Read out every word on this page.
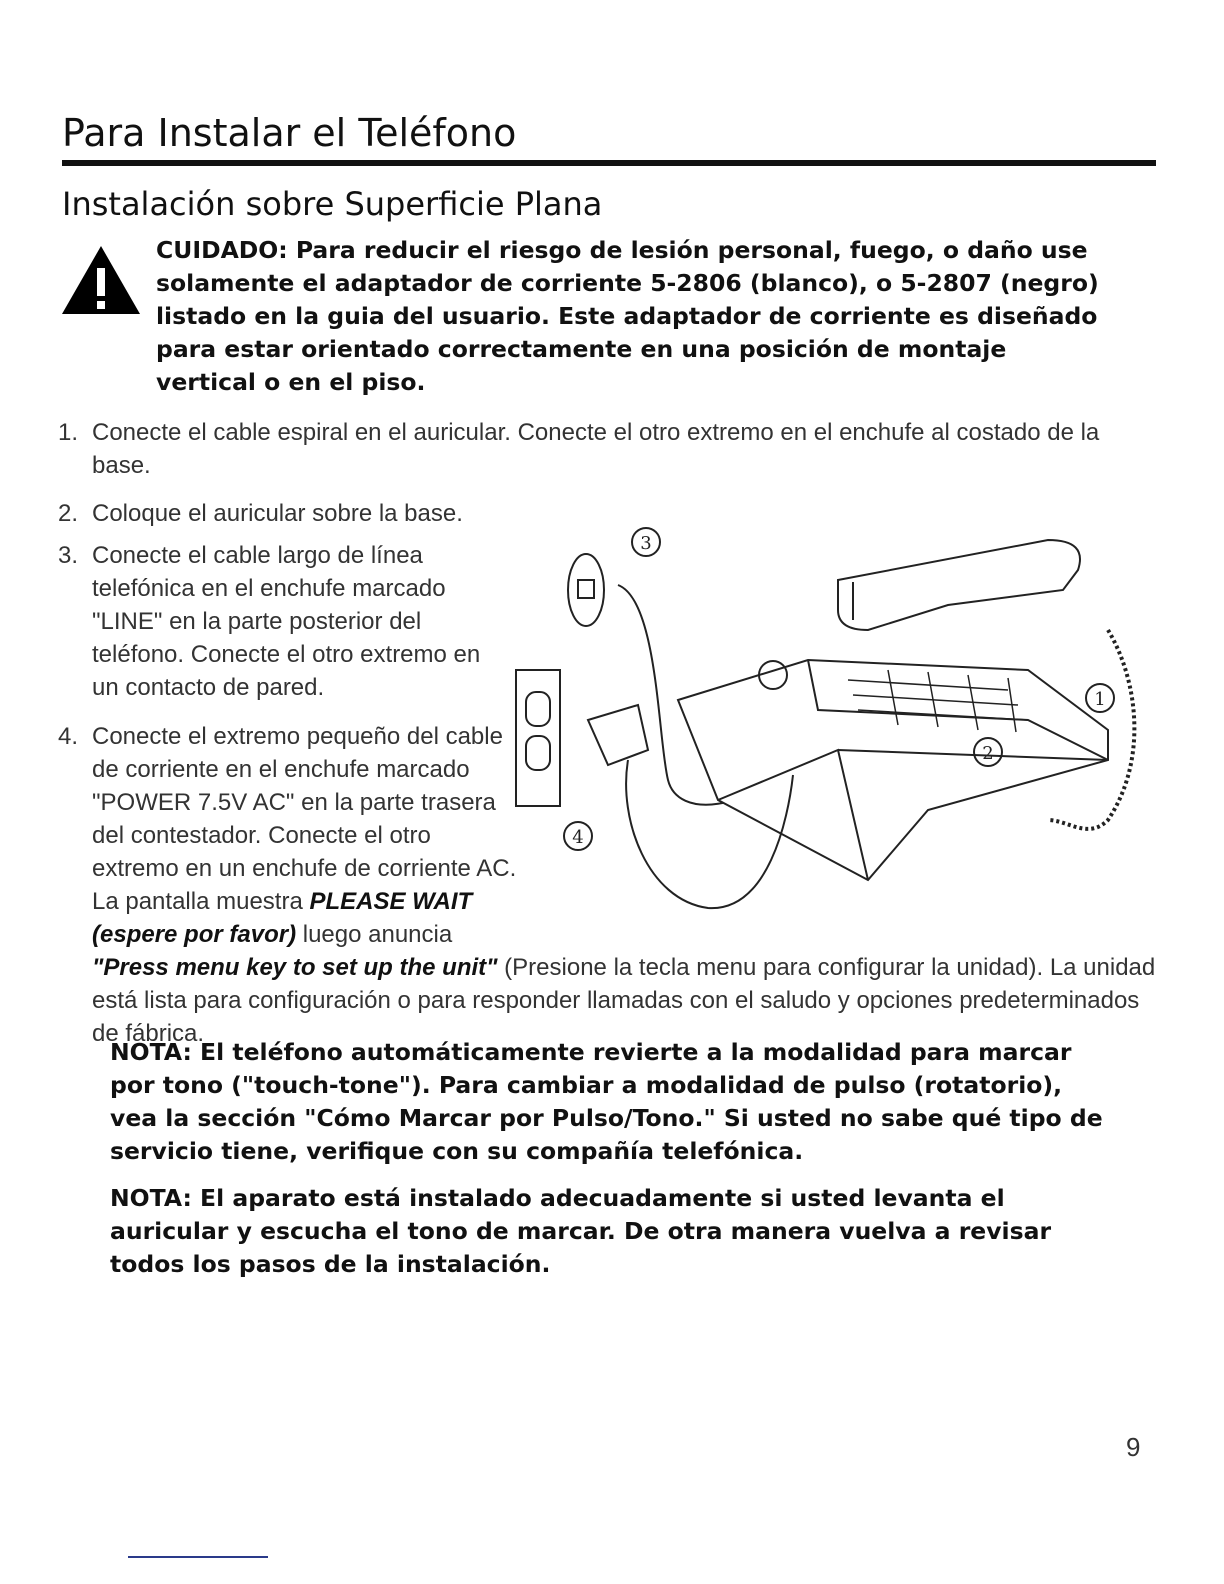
Para Instalar el Teléfono
Instalación sobre Superficie Plana
CUIDADO: Para reducir el riesgo de lesión personal, fuego, o daño use solamente el adaptador de corriente 5-2806 (blanco), o 5-2807 (negro) listado en la guia del usuario. Este adaptador de corriente es diseñado para estar orientado correctamente en una posición de montaje vertical o en el piso.
1. Conecte el cable espiral en el auricular. Conecte el otro extremo en el enchufe al costado de la base.
2. Coloque el auricular sobre la base.
3. Conecte el cable largo de línea telefónica en el enchufe marcado "LINE" en la parte posterior del teléfono. Conecte el otro extremo en un contacto de pared.
4. Conecte el extremo pequeño del cable de corriente en el enchufe marcado "POWER 7.5V AC" en la parte trasera del contestador. Conecte el otro extremo en un enchufe de corriente AC. La pantalla muestra PLEASE WAIT (espere por favor) luego anuncia "Press menu key to set up the unit" (Presione la tecla menu para configurar la unidad). La unidad está lista para configuración o para responder llamadas con el saludo y opciones predeterminados de fábrica.
3
1
2
4
NOTA: El teléfono automáticamente revierte a la modalidad para marcar por tono ("touch-tone"). Para cambiar a modalidad de pulso (rotatorio), vea la sección "Cómo Marcar por Pulso/Tono." Si usted no sabe qué tipo de servicio tiene, verifique con su compañía telefónica.
NOTA: El aparato está instalado adecuadamente si usted levanta el auricular y escucha el tono de marcar. De otra manera vuelva a revisar todos los pasos de la instalación.
9
